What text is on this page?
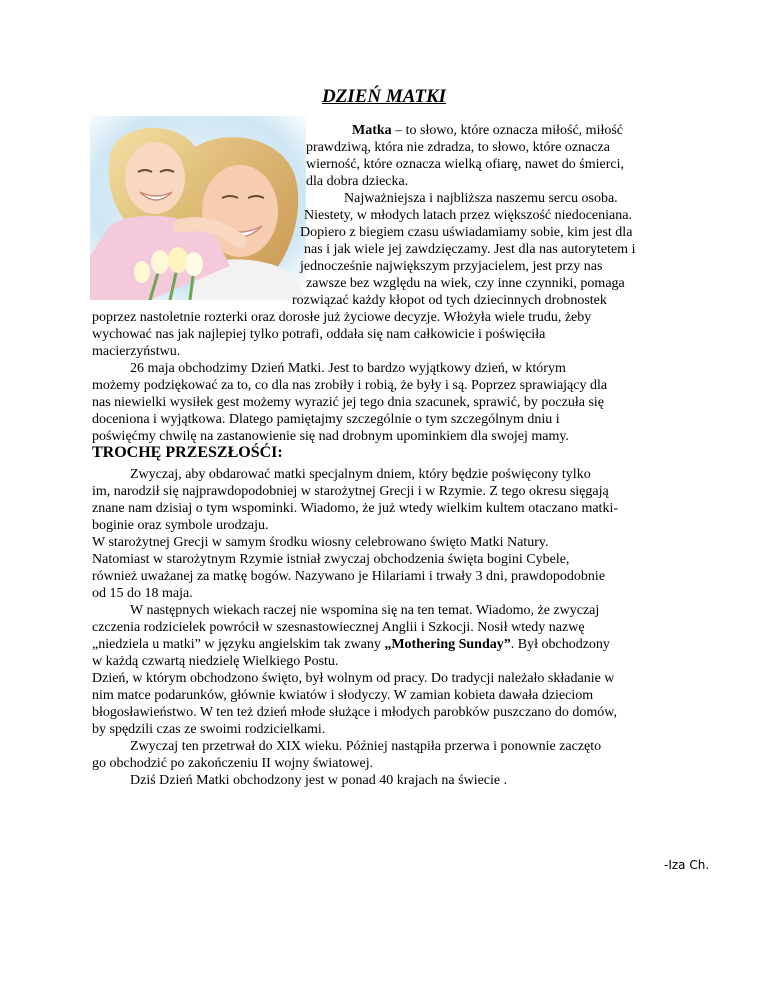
DZIEŃ MATKI
Matka – to słowo, które oznacza miłość, miłość
prawdziwą, która nie zdradza, to słowo, które oznacza
wierność, które oznacza wielką ofiarę, nawet do śmierci,
dla dobra dziecka.
Najważniejsza i najbliższa naszemu sercu osoba.
Niestety, w młodych latach przez większość niedoceniana.
Dopiero z biegiem czasu uświadamiamy sobie, kim jest dla
nas i jak wiele jej zawdzięczamy. Jest dla nas autorytetem i
jednocześnie największym przyjacielem, jest przy nas
zawsze bez względu na wiek, czy inne czynniki, pomaga
rozwiązać każdy kłopot od tych dziecinnych drobnostek
poprzez nastoletnie rozterki oraz dorosłe już życiowe decyzje. Włożyła wiele trudu, żeby
wychować nas jak najlepiej tylko potrafi, oddała się nam całkowicie i poświęciła
macierzyństwu.
26 maja obchodzimy Dzień Matki. Jest to bardzo wyjątkowy dzień, w którym
możemy podziękować za to, co dla nas zrobiły i robią, że były i są. Poprzez sprawiający dla
nas niewielki wysiłek gest możemy wyrazić jej tego dnia szacunek, sprawić, by poczuła się
doceniona i wyjątkowa. Dlatego pamiętajmy szczególnie o tym szczególnym dniu i
poświęćmy chwilę na zastanowienie się nad drobnym upominkiem dla swojej mamy.
TROCHĘ PRZESZŁOŚĆI:
Zwyczaj, aby obdarować matki specjalnym dniem, który będzie poświęcony tylko
im, narodził się najprawdopodobniej w starożytnej Grecji i w Rzymie. Z tego okresu sięgają
znane nam dzisiaj o tym wspominki. Wiadomo, że już wtedy wielkim kultem otaczano matki-
boginie oraz symbole urodzaju.
W starożytnej Grecji w samym środku wiosny celebrowano święto Matki Natury.
Natomiast w starożytnym Rzymie istniał zwyczaj obchodzenia święta bogini Cybele,
również uważanej za matkę bogów. Nazywano je Hilariami i trwały 3 dni, prawdopodobnie
od 15 do 18 maja.
W następnych wiekach raczej nie wspomina się na ten temat. Wiadomo, że zwyczaj
czczenia rodzicielek powrócił w szesnastowiecznej Anglii i Szkocji. Nosił wtedy nazwę
„niedziela u matki” w języku angielskim tak zwany „Mothering Sunday”. Był obchodzony
w każdą czwartą niedzielę Wielkiego Postu.
Dzień, w którym obchodzono święto, był wolnym od pracy. Do tradycji należało składanie w
nim matce podarunków, głównie kwiatów i słodyczy. W zamian kobieta dawała dzieciom
błogosławieństwo. W ten też dzień młode służące i młodych parobków puszczano do domów,
by spędzili czas ze swoimi rodzicielkami.
Zwyczaj ten przetrwał do XIX wieku. Później nastąpiła przerwa i ponownie zaczęto
go obchodzić po zakończeniu II wojny światowej.
Dziś Dzień Matki obchodzony jest w ponad 40 krajach na świecie .
-Iza Ch.
